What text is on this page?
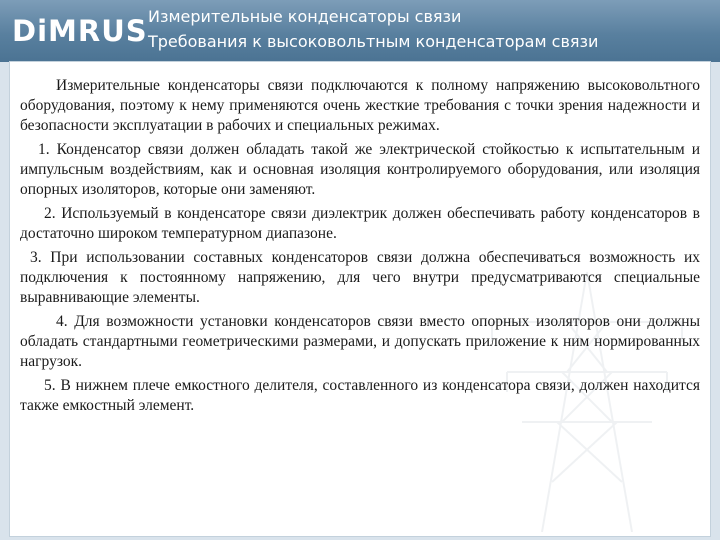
DiMRUS Измерительные конденсаторы связи
Требования к высоковольтным конденсаторам связи

Измерительные конденсаторы связи подключаются к полному напряжению высоковольтного оборудования, поэтому к нему применяются очень жесткие требования с точки зрения надежности и безопасности эксплуатации в рабочих и специальных режимах.

1. Конденсатор связи должен обладать такой же электрической стойкостью к испытательным и импульсным воздействиям, как и основная изоляция контролируемого оборудования, или изоляция опорных изоляторов, которые они заменяют.

2. Используемый в конденсаторе связи диэлектрик должен обеспечивать работу конденсаторов в достаточно широком температурном диапазоне.

3. При использовании составных конденсаторов связи должна обеспечиваться возможность их подключения к постоянному напряжению, для чего внутри предусматриваются специальные выравнивающие элементы.

4. Для возможности установки конденсаторов связи вместо опорных изоляторов они должны обладать стандартными геометрическими размерами, и допускать приложение к ним нормированных нагрузок.

5. В нижнем плече емкостного делителя, составленного из конденсатора связи, должен находится также емкостный элемент.
